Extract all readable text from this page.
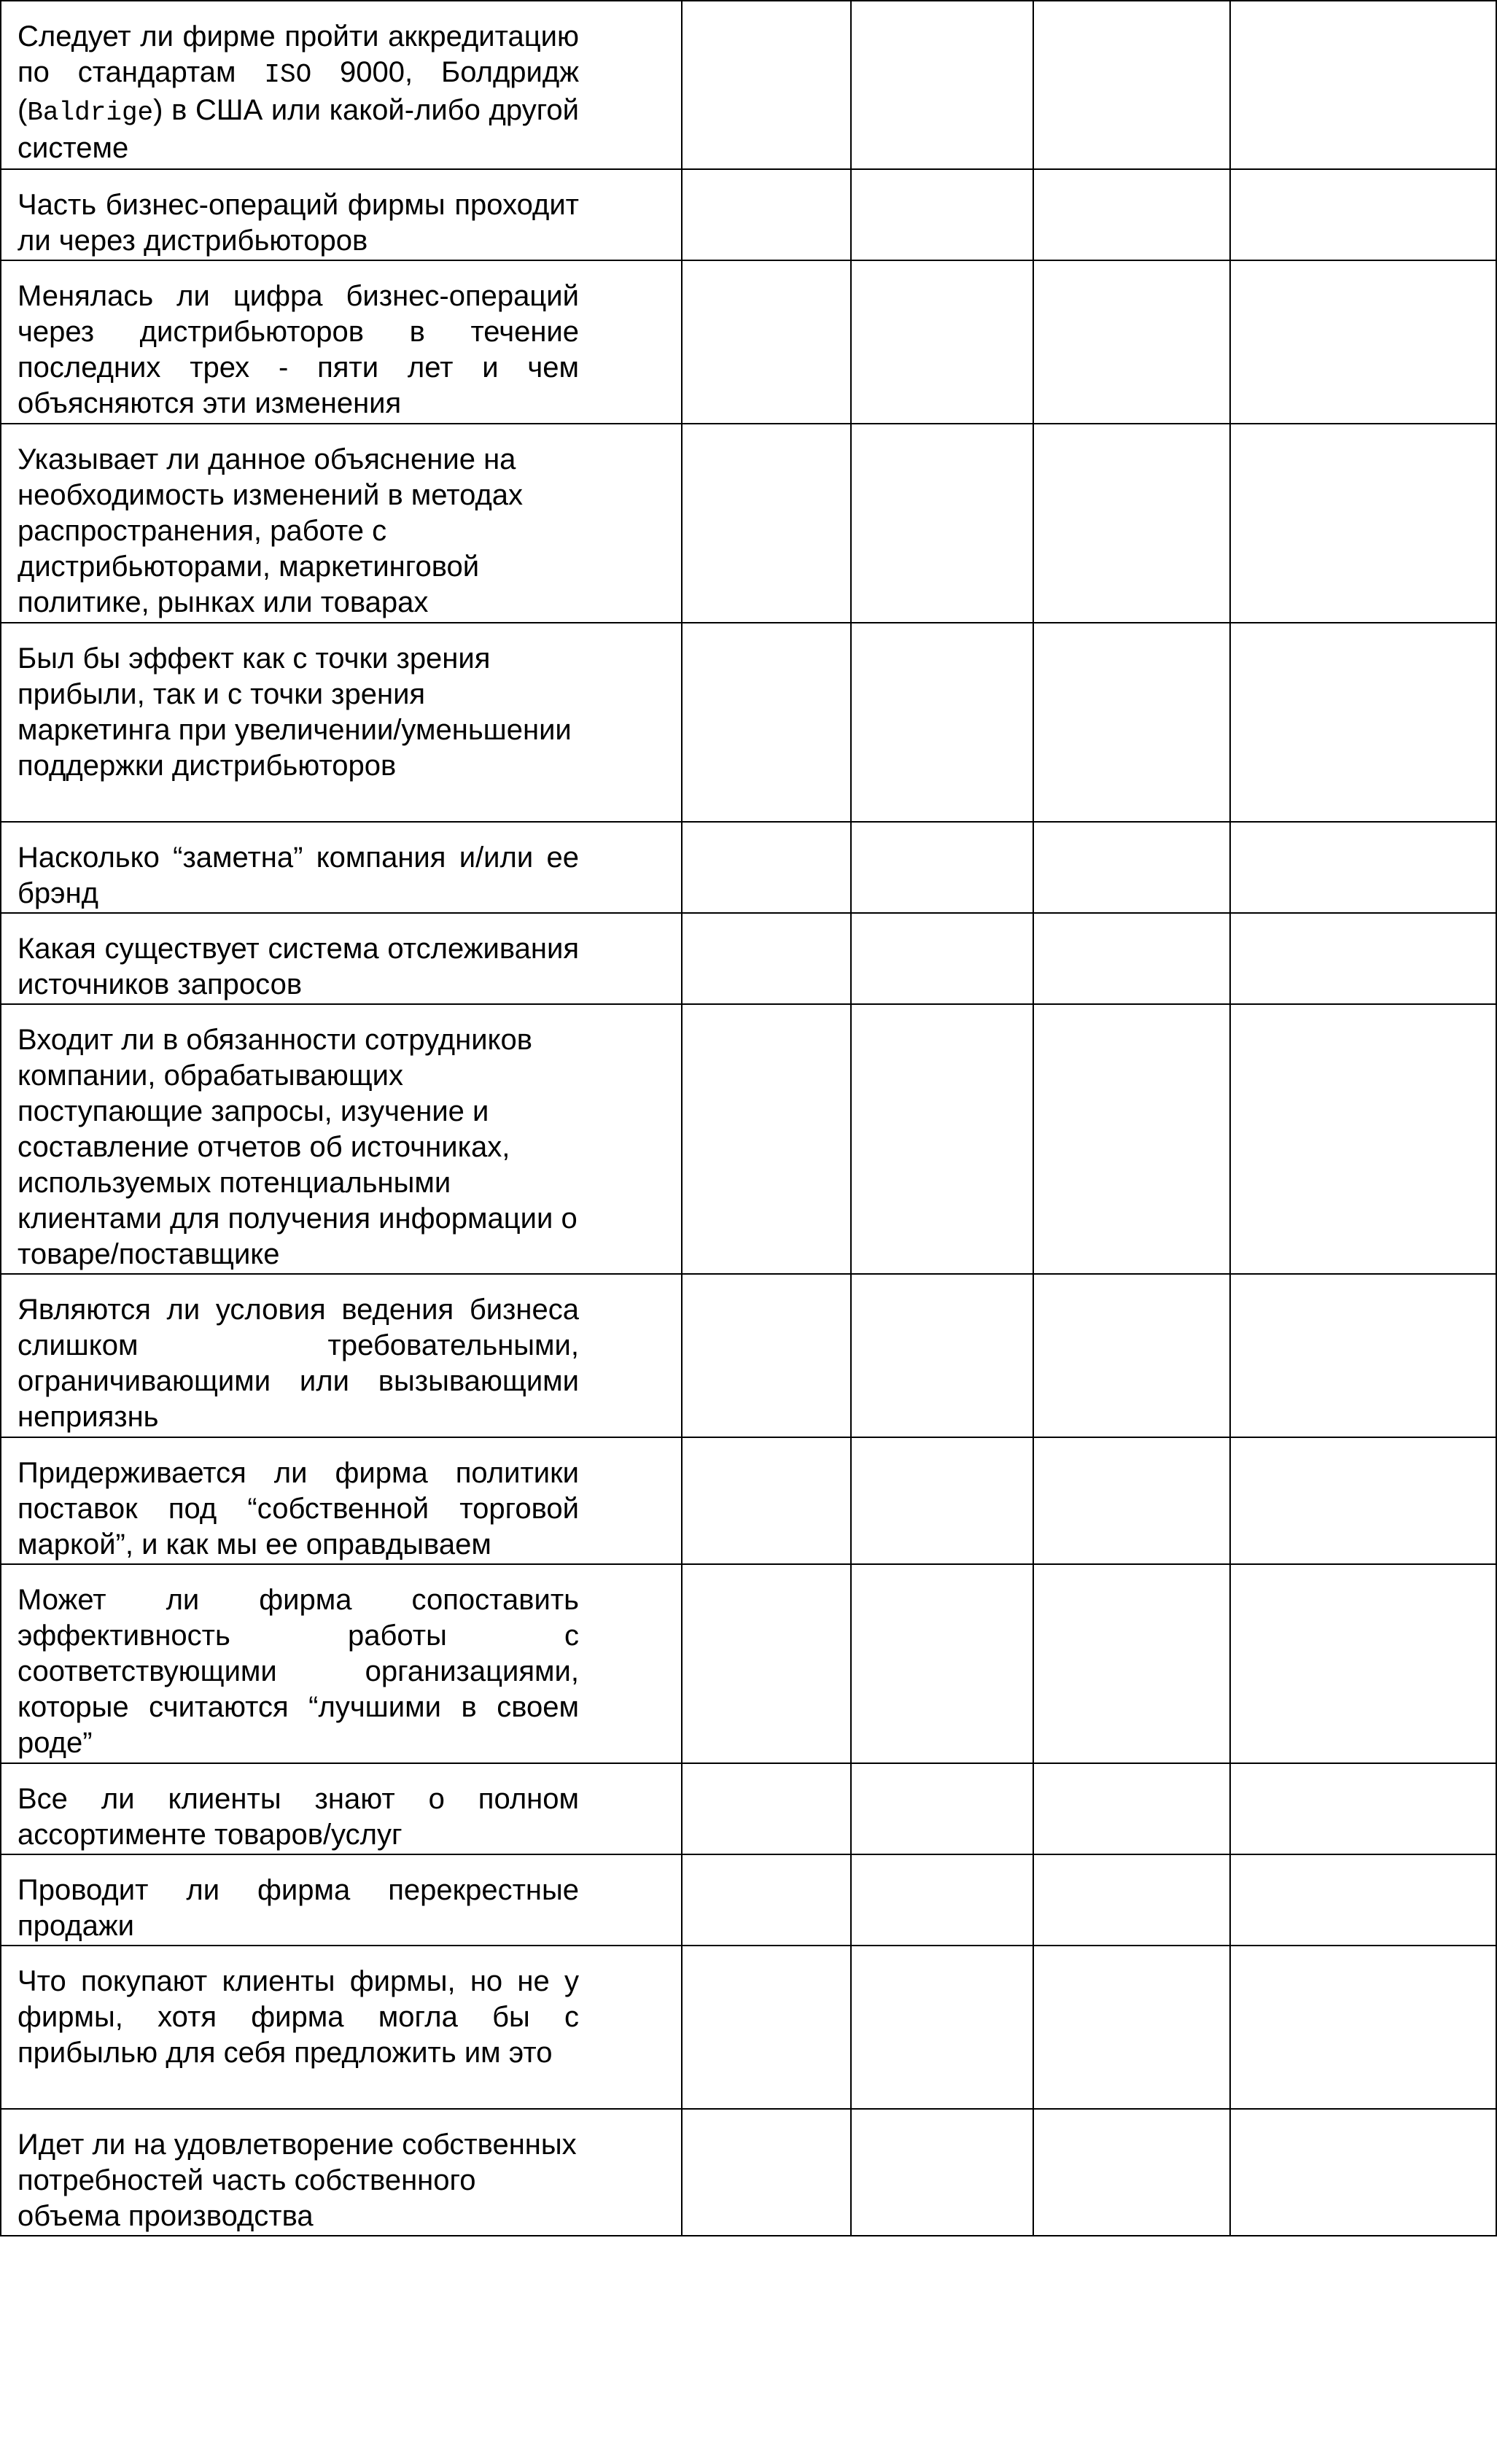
Следует ли фирме пройти аккредитацию по стандартам ISO 9000, Болдридж (Baldrige) в США или какой-либо другой системе				

Часть бизнес-операций фирмы проходит ли через дистрибьюторов				

Менялась ли цифра бизнес-операций через дистрибьюторов в течение последних трех - пяти лет и чем объясняются эти изменения				

Указывает ли данное объяснение на необходимость изменений в методах распространения, работе с дистрибьюторами, маркетинговой политике, рынках или товарах				

Был бы эффект как с точки зрения прибыли, так и с точки зрения маркетинга при увеличении/уменьшении поддержки дистрибьюторов				

Насколько “заметна” компания и/или ее брэнд				

Какая существует система отслеживания источников запросов				

Входит ли в обязанности сотрудников компании, обрабатывающих поступающие запросы, изучение и составление отчетов об источниках, используемых потенциальными клиентами для получения информации о товаре/поставщике				

Являются ли условия ведения бизнеса слишком требовательными, ограничивающими или вызывающими неприязнь				

Придерживается ли фирма политики поставок под “собственной торговой маркой”, и как мы ее оправдываем				

Может ли фирма сопоставить эффективность работы с соответствующими организациями, которые считаются “лучшими в своем роде”				

Все ли клиенты знают о полном ассортименте товаров/услуг				

Проводит ли фирма перекрестные продажи				

Что покупают клиенты фирмы, но не у фирмы, хотя фирма могла бы с прибылью для себя предложить им это				

Идет ли на удовлетворение собственных потребностей часть собственного объема производства				
